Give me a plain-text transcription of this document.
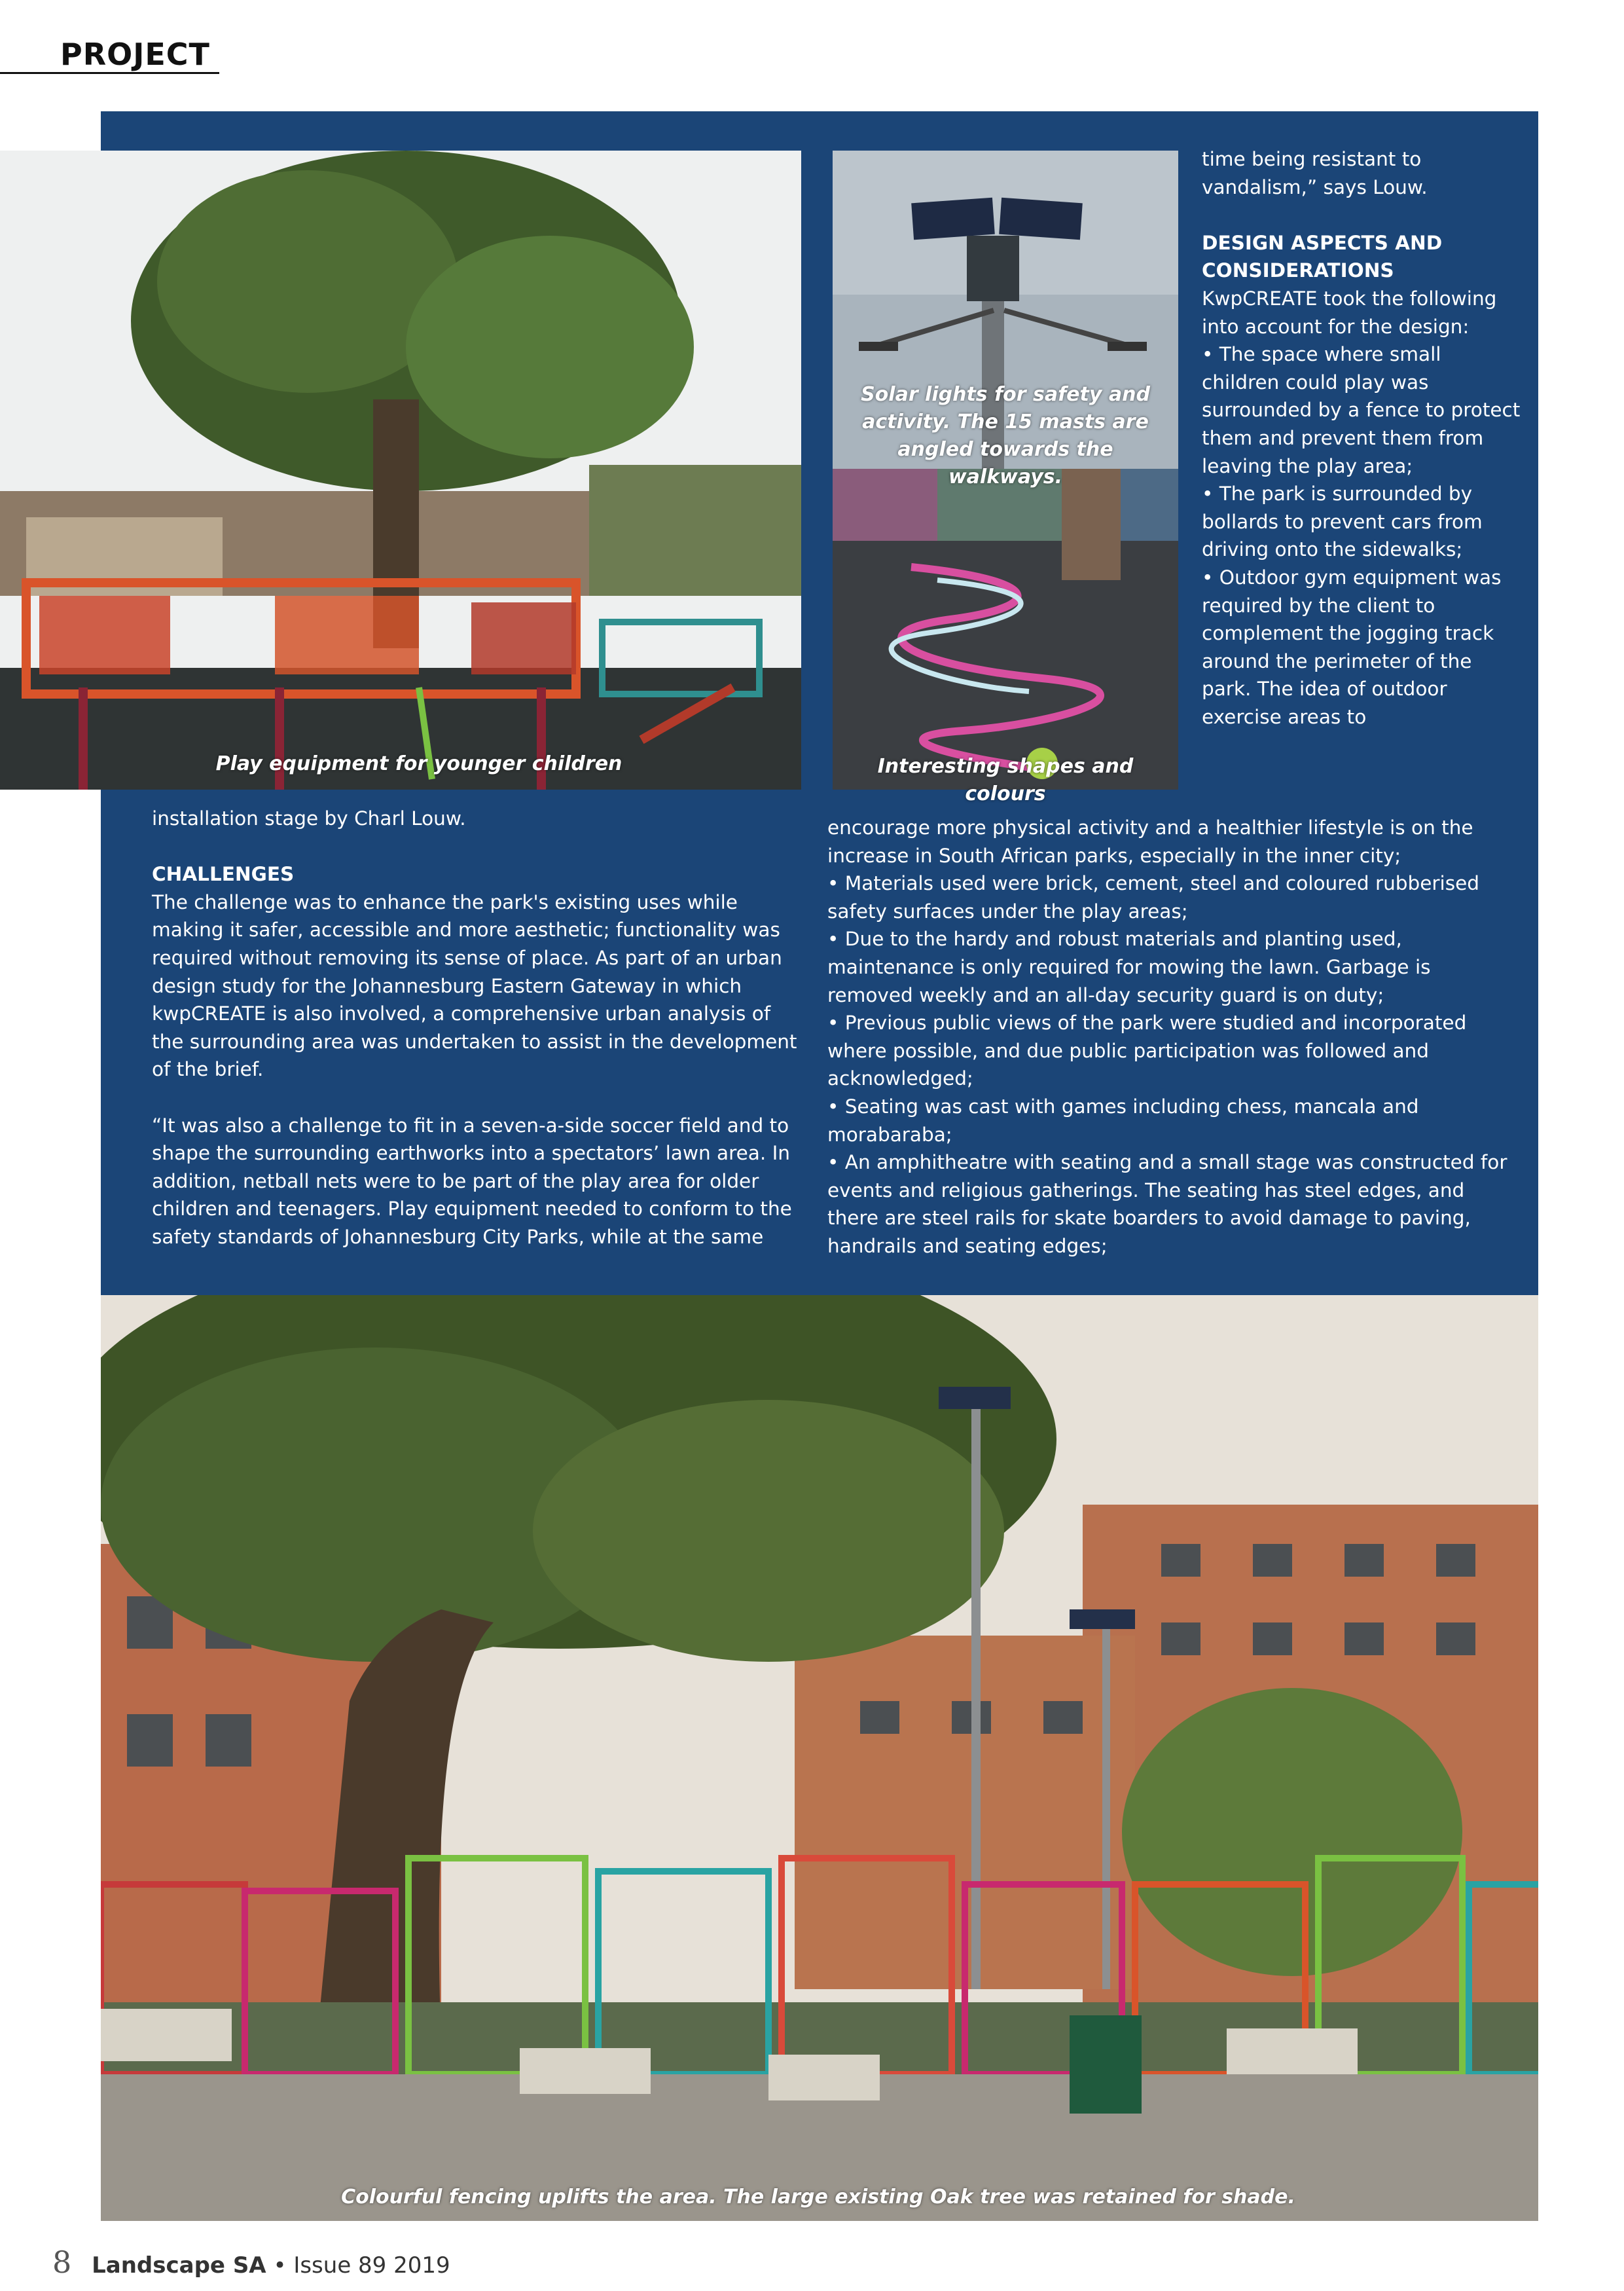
PROJECT
Play equipment for younger children
Solar lights for safety and activity. The 15 masts are angled towards the walkways.
Interesting shapes and colours

time being resistant to vandalism,” says Louw.

DESIGN ASPECTS AND

CONSIDERATIONS

KwpCREATE took the following into account for the design:

• The space where small children could play was surrounded by a fence to protect them and prevent them from leaving the play area;

• The park is surrounded by bollards to prevent cars from driving onto the sidewalks;

• Outdoor gym equipment was required by the client to complement the jogging track around the perimeter of the park. The idea of outdoor exercise areas to

encourage more physical activity and a healthier lifestyle is on the increase in South African parks, especially in the inner city;

• Materials used were brick, cement, steel and coloured rubberised safety surfaces under the play areas;

• Due to the hardy and robust materials and planting used, maintenance is only required for mowing the lawn. Garbage is removed weekly and an all-day security guard is on duty;

• Previous public views of the park were studied and incorporated where possible, and due public participation was followed and acknowledged;

• Seating was cast with games including chess, mancala and morabaraba;

• An amphitheatre with seating and a small stage was constructed for events and religious gatherings. The seating has steel edges, and there are steel rails for skate boarders to avoid damage to paving, handrails and seating edges;

installation stage by Charl Louw.

CHALLENGES

The challenge was to enhance the park's existing uses while making it safer, accessible and more aesthetic; functionality was required without removing its sense of place. As part of an urban design study for the Johannesburg Eastern Gateway in which kwpCREATE is also involved, a comprehensive urban analysis of the surrounding area was undertaken to assist in the development of the brief.

“It was also a challenge to fit in a seven-a-side soccer field and to shape the surrounding earthworks into a spectators’ lawn area. In addition, netball nets were to be part of the play area for older children and teenagers. Play equipment needed to conform to the safety standards of Johannesburg City Parks, while at the same

Colourful fencing uplifts the area. The large existing Oak tree was retained for shade.
8 Landscape SA • Issue 89 2019
